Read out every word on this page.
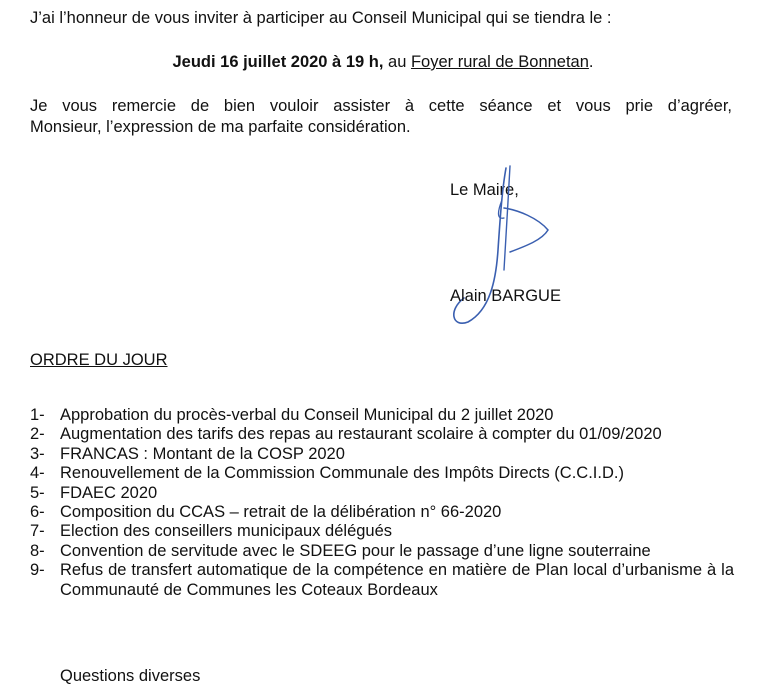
J’ai l’honneur de vous inviter à participer au Conseil Municipal qui se tiendra le :
Jeudi 16 juillet 2020 à 19 h, au Foyer rural de Bonnetan.
Je vous remercie de bien vouloir assister à cette séance et vous prie d’agréer,
Monsieur, l’expression de ma parfaite considération.
Le Maire,
Alain BARGUE
ORDRE DU JOUR
1- Approbation du procès-verbal du Conseil Municipal du 2 juillet 2020
2- Augmentation des tarifs des repas au restaurant scolaire à compter du 01/09/2020
3- FRANCAS : Montant de la COSP 2020
4- Renouvellement de la Commission Communale des Impôts Directs (C.C.I.D.)
5- FDAEC 2020
6- Composition du CCAS – retrait de la délibération n° 66-2020
7- Election des conseillers municipaux délégués
8- Convention de servitude avec le SDEEG pour le passage d’une ligne souterraine
9- Refus de transfert automatique de la compétence en matière de Plan local d’urbanisme à la Communauté de Communes les Coteaux Bordeaux
Questions diverses
